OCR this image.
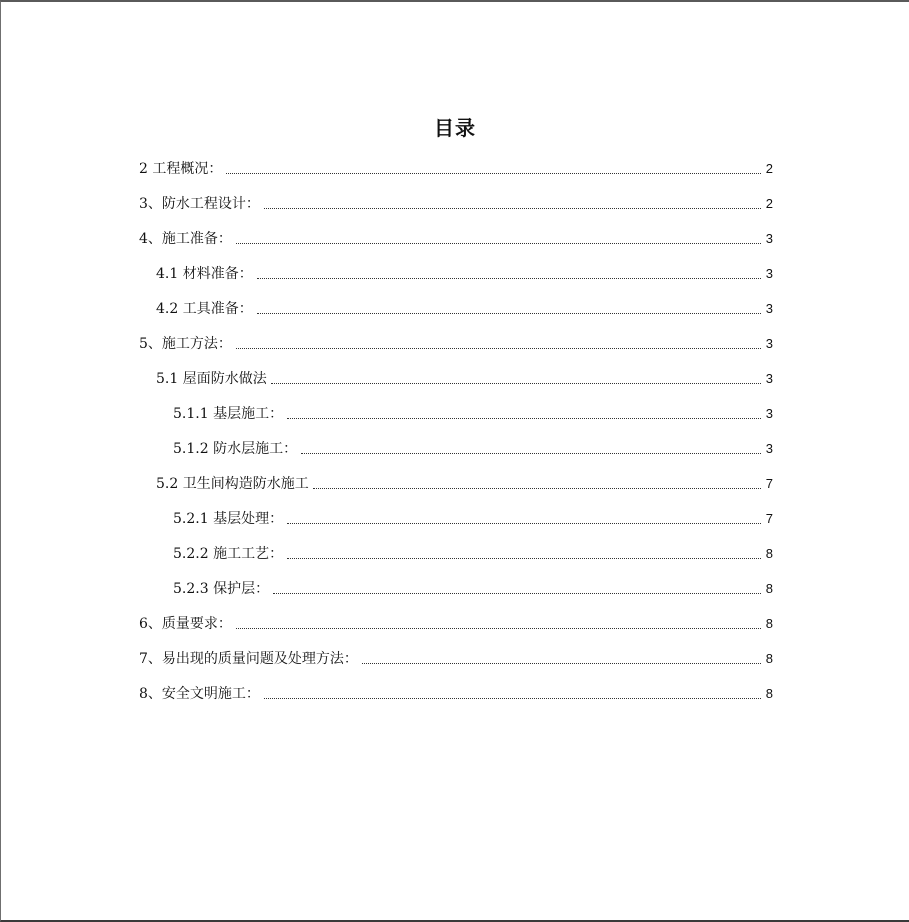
目录
2 工程概况：	2
3、防水工程设计：	2
4、施工准备：	3
4.1 材料准备：	3
4.2 工具准备：	3
5、施工方法：	3
5.1 屋面防水做法	3
5.1.1 基层施工：	3
5.1.2 防水层施工：	3
5.2 卫生间构造防水施工	7
5.2.1 基层处理：	7
5.2.2 施工工艺：	8
5.2.3 保护层：	8
6、质量要求：	8
7、易出现的质量问题及处理方法：	8
8、安全文明施工：	8
